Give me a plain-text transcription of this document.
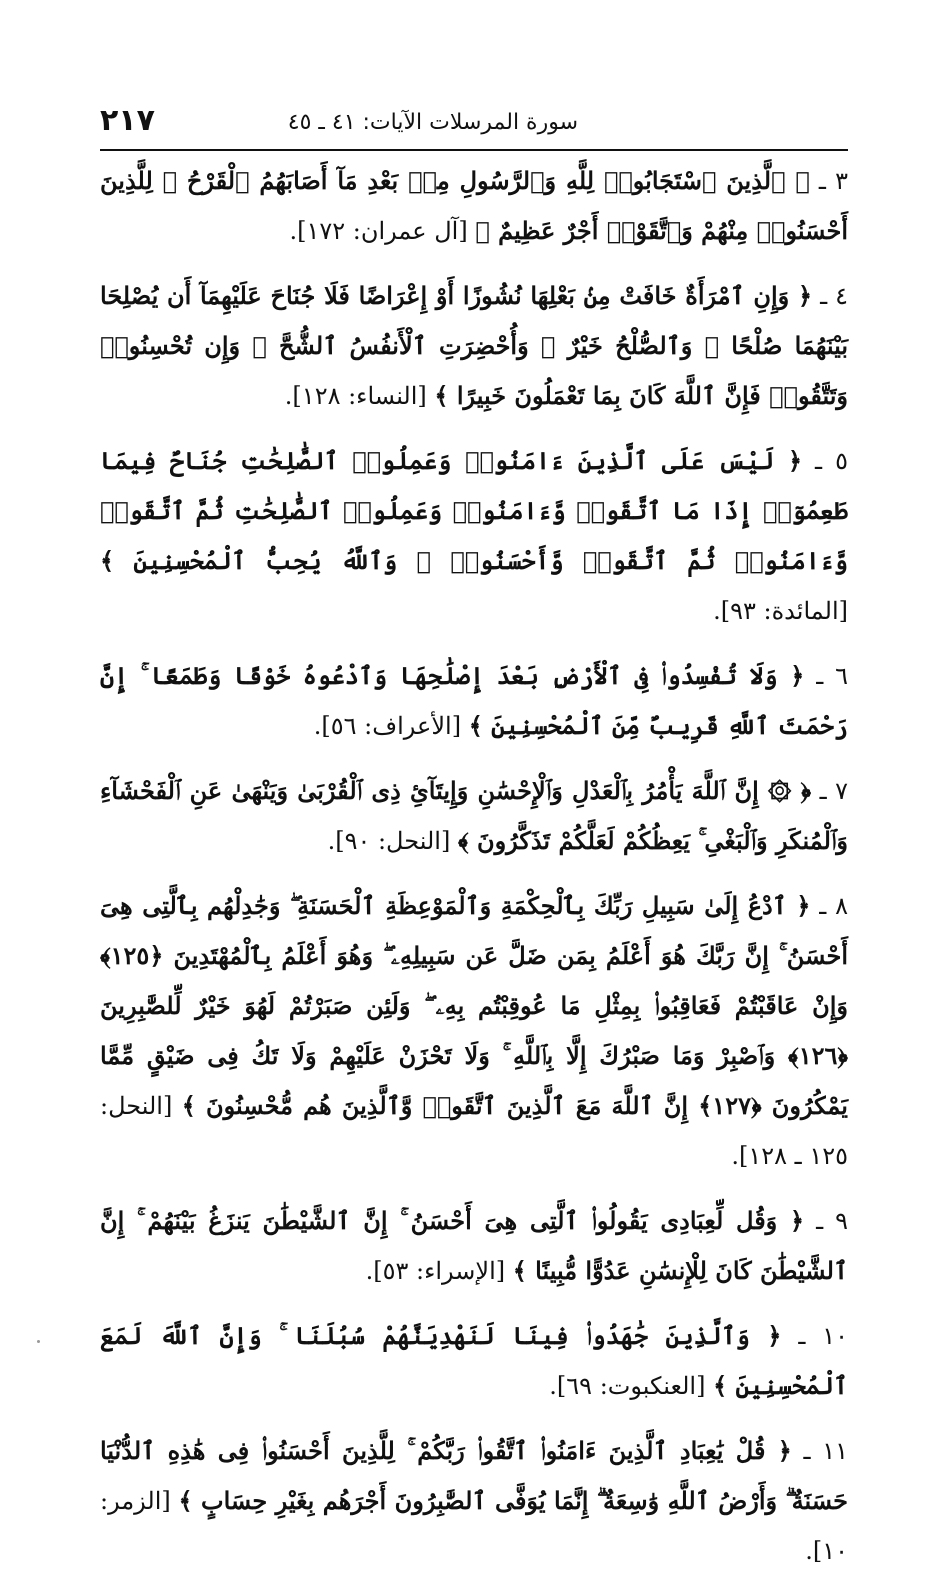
٢١٧	سورة المرسلات الآيات: ٤١ ـ ٤٥

٣ ـ ﴿ ٱلَّذِينَ ٱسْتَجَابُوا۟ لِلَّهِ وَٱلرَّسُولِ مِنۢ بَعْدِ مَآ أَصَابَهُمُ ٱلْقَرْحُ ۚ لِلَّذِينَ أَحْسَنُوا۟ مِنْهُمْ وَٱتَّقَوْا۟ أَجْرٌ عَظِيمٌ ﴾ [آل عمران: ١٧٢].

٤ ـ ﴿ وَإِنِ ٱمْرَأَةٌ خَافَتْ مِنۢ بَعْلِهَا نُشُوزًا أَوْ إِعْرَاضًا فَلَا جُنَاحَ عَلَيْهِمَآ أَن يُصْلِحَا بَيْنَهُمَا صُلْحًا ۚ وَٱلصُّلْحُ خَيْرٌ ۗ وَأُحْضِرَتِ ٱلْأَنفُسُ ٱلشُّحَّ ۚ وَإِن تُحْسِنُوا۟ وَتَتَّقُوا۟ فَإِنَّ ٱللَّهَ كَانَ بِمَا تَعْمَلُونَ خَبِيرًا ﴾ [النساء: ١٢٨].

٥ ـ ﴿ لَيْسَ عَلَى ٱلَّذِينَ ءَامَنُوا۟ وَعَمِلُوا۟ ٱلصَّٰلِحَٰتِ جُنَاحٌ فِيمَا طَعِمُوٓا۟ إِذَا مَا ٱتَّقَوا۟ وَّءَامَنُوا۟ وَعَمِلُوا۟ ٱلصَّٰلِحَٰتِ ثُمَّ ٱتَّقَوا۟ وَّءَامَنُوا۟ ثُمَّ ٱتَّقَوا۟ وَّأَحْسَنُوا۟ ۗ وَٱللَّهُ يُحِبُّ ٱلْمُحْسِنِينَ ﴾ [المائدة: ٩٣].

٦ ـ ﴿ وَلَا تُفْسِدُوا۟ فِى ٱلْأَرْضِ بَعْدَ إِصْلَٰحِهَا وَٱدْعُوهُ خَوْفًا وَطَمَعًا ۚ إِنَّ رَحْمَتَ ٱللَّهِ قَرِيبٌ مِّنَ ٱلْمُحْسِنِينَ ﴾ [الأعراف: ٥٦].

٧ ـ ﴿ ۞ إِنَّ ٱللَّهَ يَأْمُرُ بِٱلْعَدْلِ وَٱلْإِحْسَٰنِ وَإِيتَآئِ ذِى ٱلْقُرْبَىٰ وَيَنْهَىٰ عَنِ ٱلْفَحْشَآءِ وَٱلْمُنكَرِ وَٱلْبَغْىِ ۚ يَعِظُكُمْ لَعَلَّكُمْ تَذَكَّرُونَ ﴾ [النحل: ٩٠].

٨ ـ ﴿ ٱدْعُ إِلَىٰ سَبِيلِ رَبِّكَ بِٱلْحِكْمَةِ وَٱلْمَوْعِظَةِ ٱلْحَسَنَةِ ۖ وَجَٰدِلْهُم بِٱلَّتِى هِىَ أَحْسَنُ ۚ إِنَّ رَبَّكَ هُوَ أَعْلَمُ بِمَن ضَلَّ عَن سَبِيلِهِۦ ۖ وَهُوَ أَعْلَمُ بِٱلْمُهْتَدِينَ ﴿١٢٥﴾ وَإِنْ عَاقَبْتُمْ فَعَاقِبُوا۟ بِمِثْلِ مَا عُوقِبْتُم بِهِۦ ۖ وَلَئِن صَبَرْتُمْ لَهُوَ خَيْرٌ لِّلصَّٰبِرِينَ ﴿١٢٦﴾ وَٱصْبِرْ وَمَا صَبْرُكَ إِلَّا بِٱللَّهِ ۚ وَلَا تَحْزَنْ عَلَيْهِمْ وَلَا تَكُ فِى ضَيْقٍ مِّمَّا يَمْكُرُونَ ﴿١٢٧﴾ إِنَّ ٱللَّهَ مَعَ ٱلَّذِينَ ٱتَّقَوا۟ وَّٱلَّذِينَ هُم مُّحْسِنُونَ ﴾ [النحل: ١٢٥ ـ ١٢٨].

٩ ـ ﴿ وَقُل لِّعِبَادِى يَقُولُوا۟ ٱلَّتِى هِىَ أَحْسَنُ ۚ إِنَّ ٱلشَّيْطَٰنَ يَنزَغُ بَيْنَهُمْ ۚ إِنَّ ٱلشَّيْطَٰنَ كَانَ لِلْإِنسَٰنِ عَدُوًّا مُّبِينًا ﴾ [الإسراء: ٥٣].

١٠ ـ ﴿ وَٱلَّذِينَ جَٰهَدُوا۟ فِينَا لَنَهْدِيَنَّهُمْ سُبُلَنَا ۚ وَإِنَّ ٱللَّهَ لَمَعَ ٱلْمُحْسِنِينَ ﴾ [العنكبوت: ٦٩].

١١ ـ ﴿ قُلْ يَٰعِبَادِ ٱلَّذِينَ ءَامَنُوا۟ ٱتَّقُوا۟ رَبَّكُمْ ۚ لِلَّذِينَ أَحْسَنُوا۟ فِى هَٰذِهِ ٱلدُّنْيَا حَسَنَةٌ ۗ وَأَرْضُ ٱللَّهِ وَٰسِعَةٌ ۗ إِنَّمَا يُوَفَّى ٱلصَّٰبِرُونَ أَجْرَهُم بِغَيْرِ حِسَابٍ ﴾ [الزمر: ١٠].
